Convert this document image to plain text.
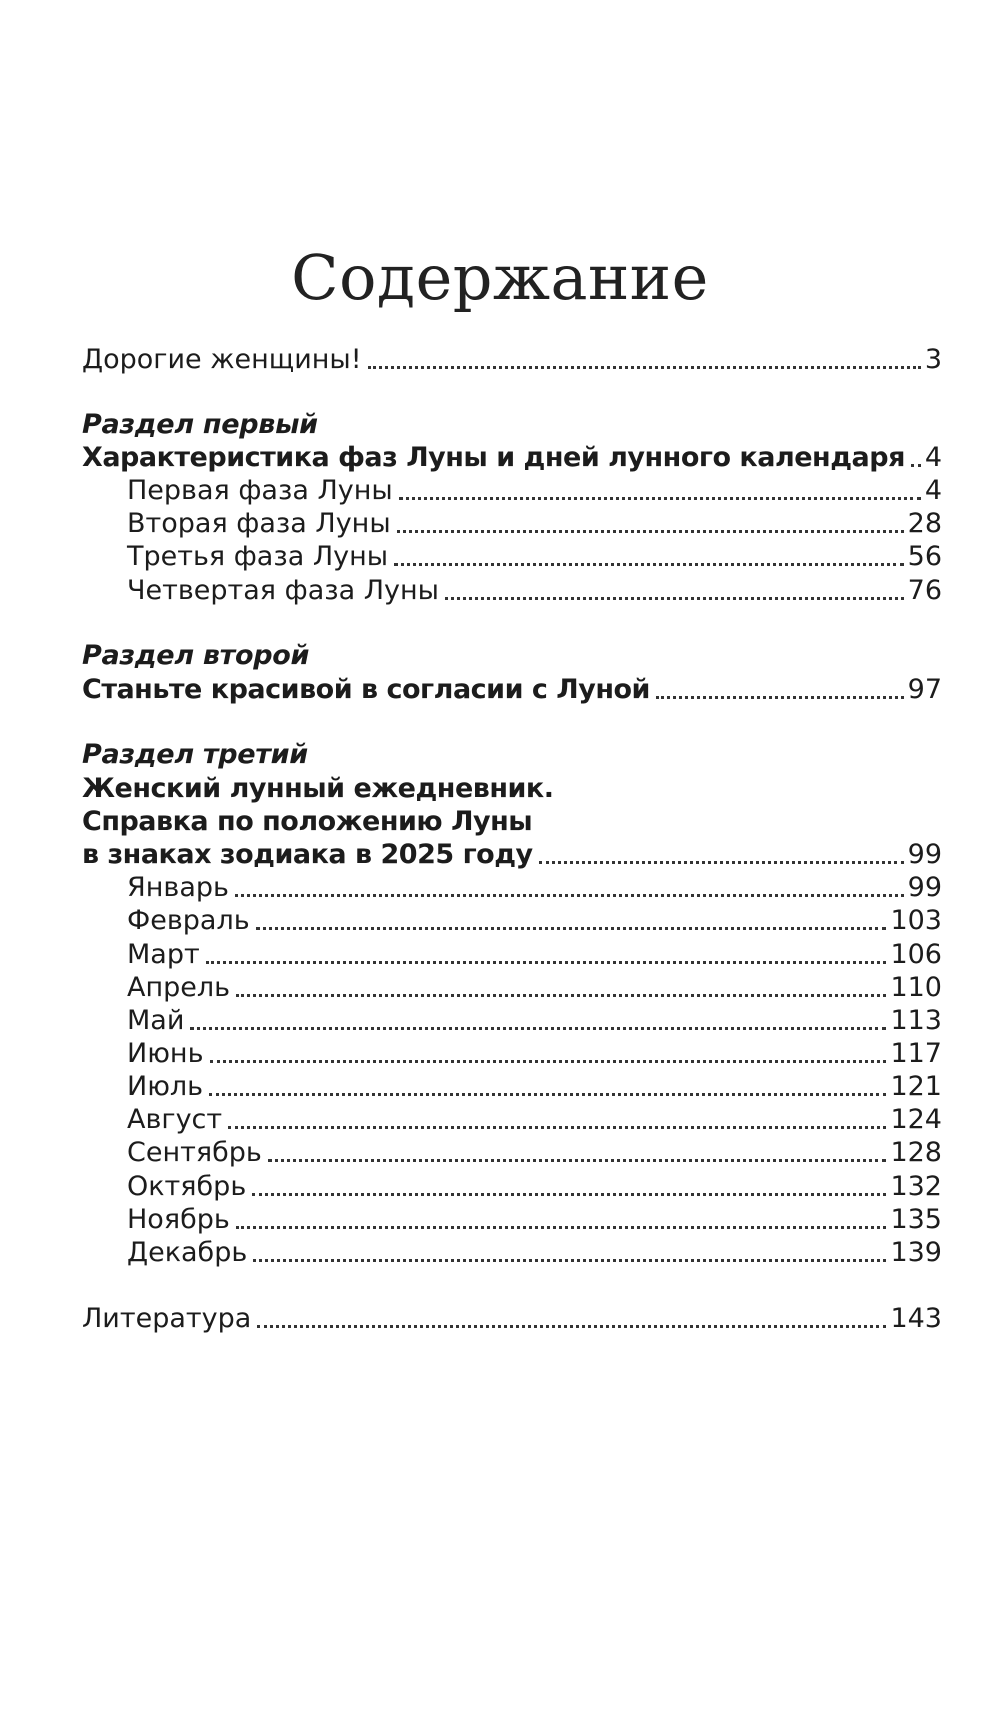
Содержание
Дорогие женщины!	3
Раздел первый
Характеристика фаз Луны и дней лунного календаря 4
Первая фаза Луны	4
Вторая фаза Луны	28
Третья фаза Луны	56
Четвертая фаза Луны	76
Раздел второй
Станьте красивой в согласии с Луной	97
Раздел третий
Женский лунный ежедневник.
Справка по положению Луны
в знаках зодиака в 2025 году	99
Январь	99
Февраль	103
Март	106
Апрель	110
Май	113
Июнь	117
Июль	121
Август	124
Сентябрь	128
Октябрь	132
Ноябрь	135
Декабрь	139
Литература	143
